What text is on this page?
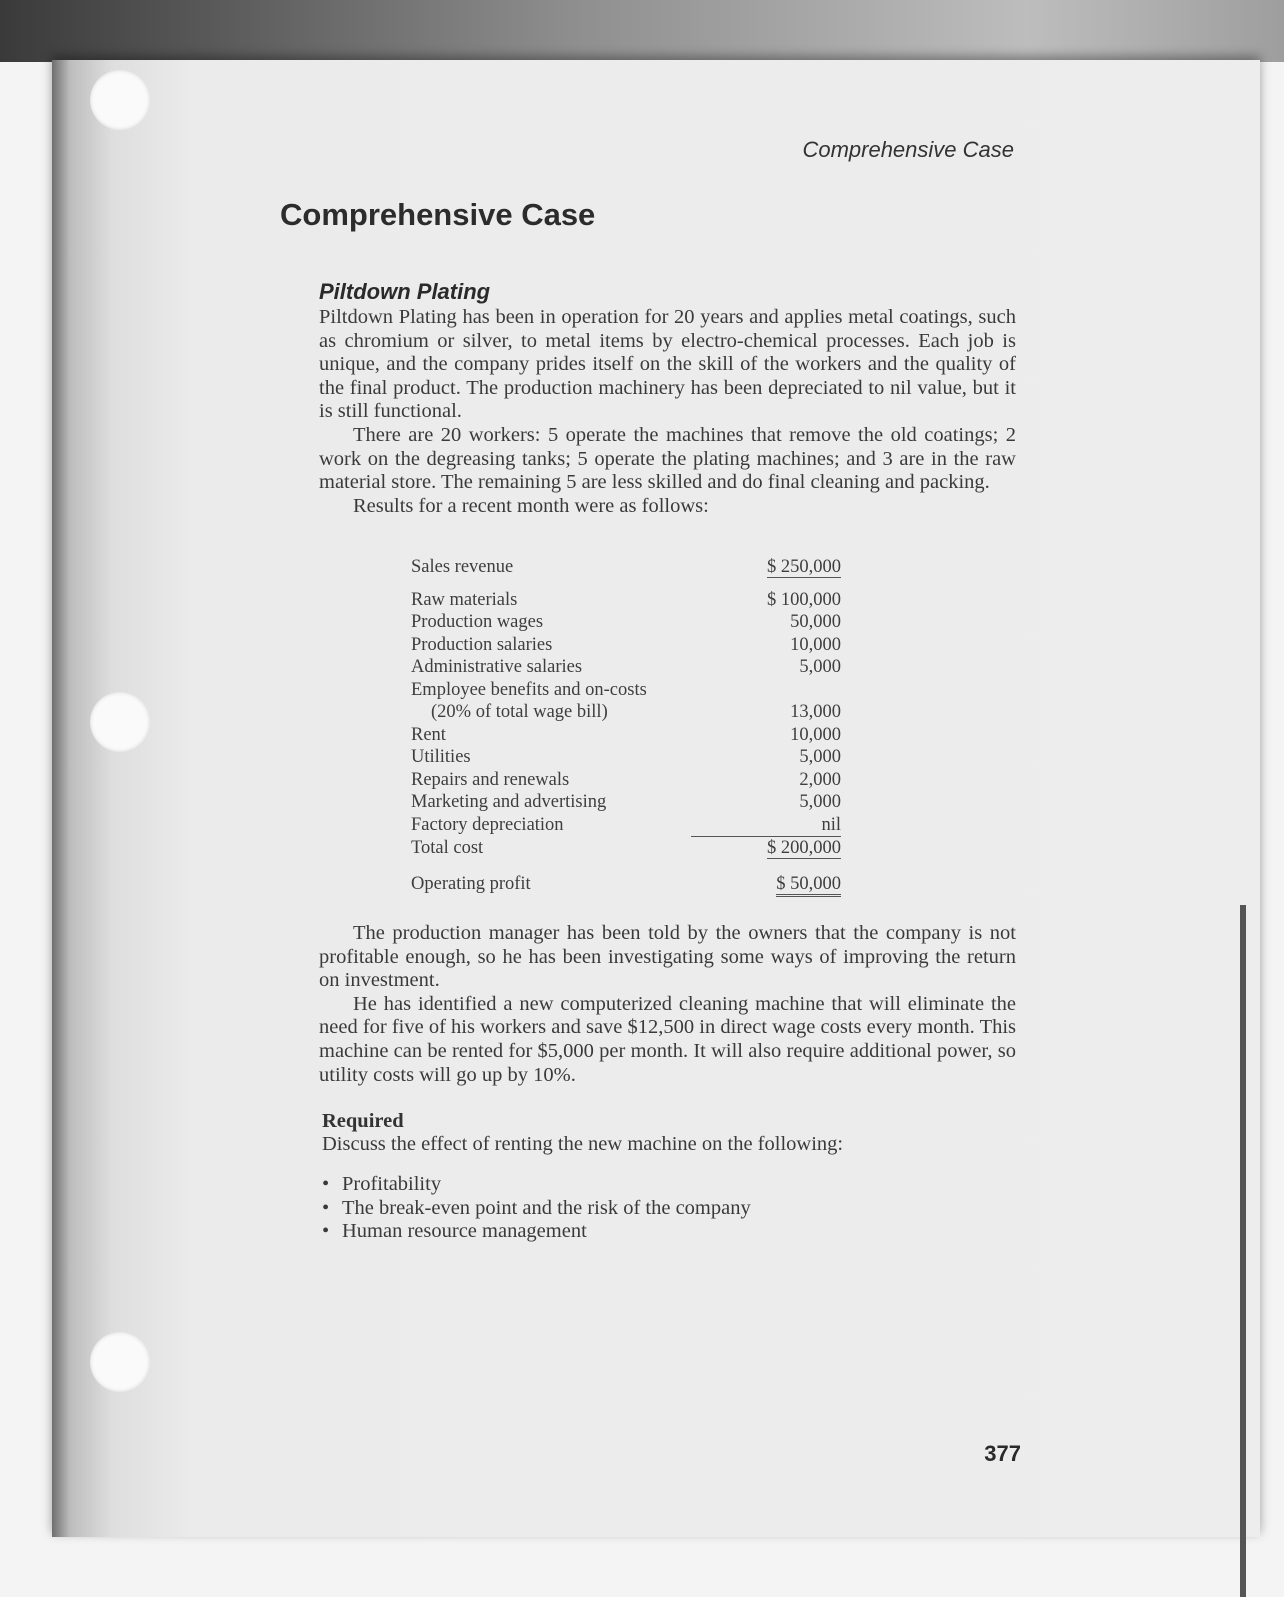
Comprehensive Case
Comprehensive Case
Piltdown Plating

Piltdown Plating has been in operation for 20 years and applies metal coatings, such as chromium or silver, to metal items by electro-chemical processes. Each job is unique, and the company prides itself on the skill of the workers and the quality of the final product. The production machinery has been depreciated to nil value, but it is still functional.

There are 20 workers: 5 operate the machines that remove the old coatings; 2 work on the degreasing tanks; 5 operate the plating machines; and 3 are in the raw material store. The remaining 5 are less skilled and do final cleaning and packing.

Results for a recent month were as follows:

Sales revenue	$ 250,000
Raw materials	$ 100,000
Production wages	50,000
Production salaries	10,000
Administrative salaries	5,000
Employee benefits and on-costs	
(20% of total wage bill)	13,000
Rent	10,000
Utilities	5,000
Repairs and renewals	2,000
Marketing and advertising	5,000
Factory depreciation	nil
Total cost	$ 200,000
Operating profit	$ 50,000

The production manager has been told by the owners that the company is not profitable enough, so he has been investigating some ways of improving the return on investment.

He has identified a new computerized cleaning machine that will eliminate the need for five of his workers and save $12,500 in direct wage costs every month. This machine can be rented for $5,000 per month. It will also require additional power, so utility costs will go up by 10%.

Required
Discuss the effect of renting the new machine on the following:
• Profitability
• The break-even point and the risk of the company
• Human resource management
377
